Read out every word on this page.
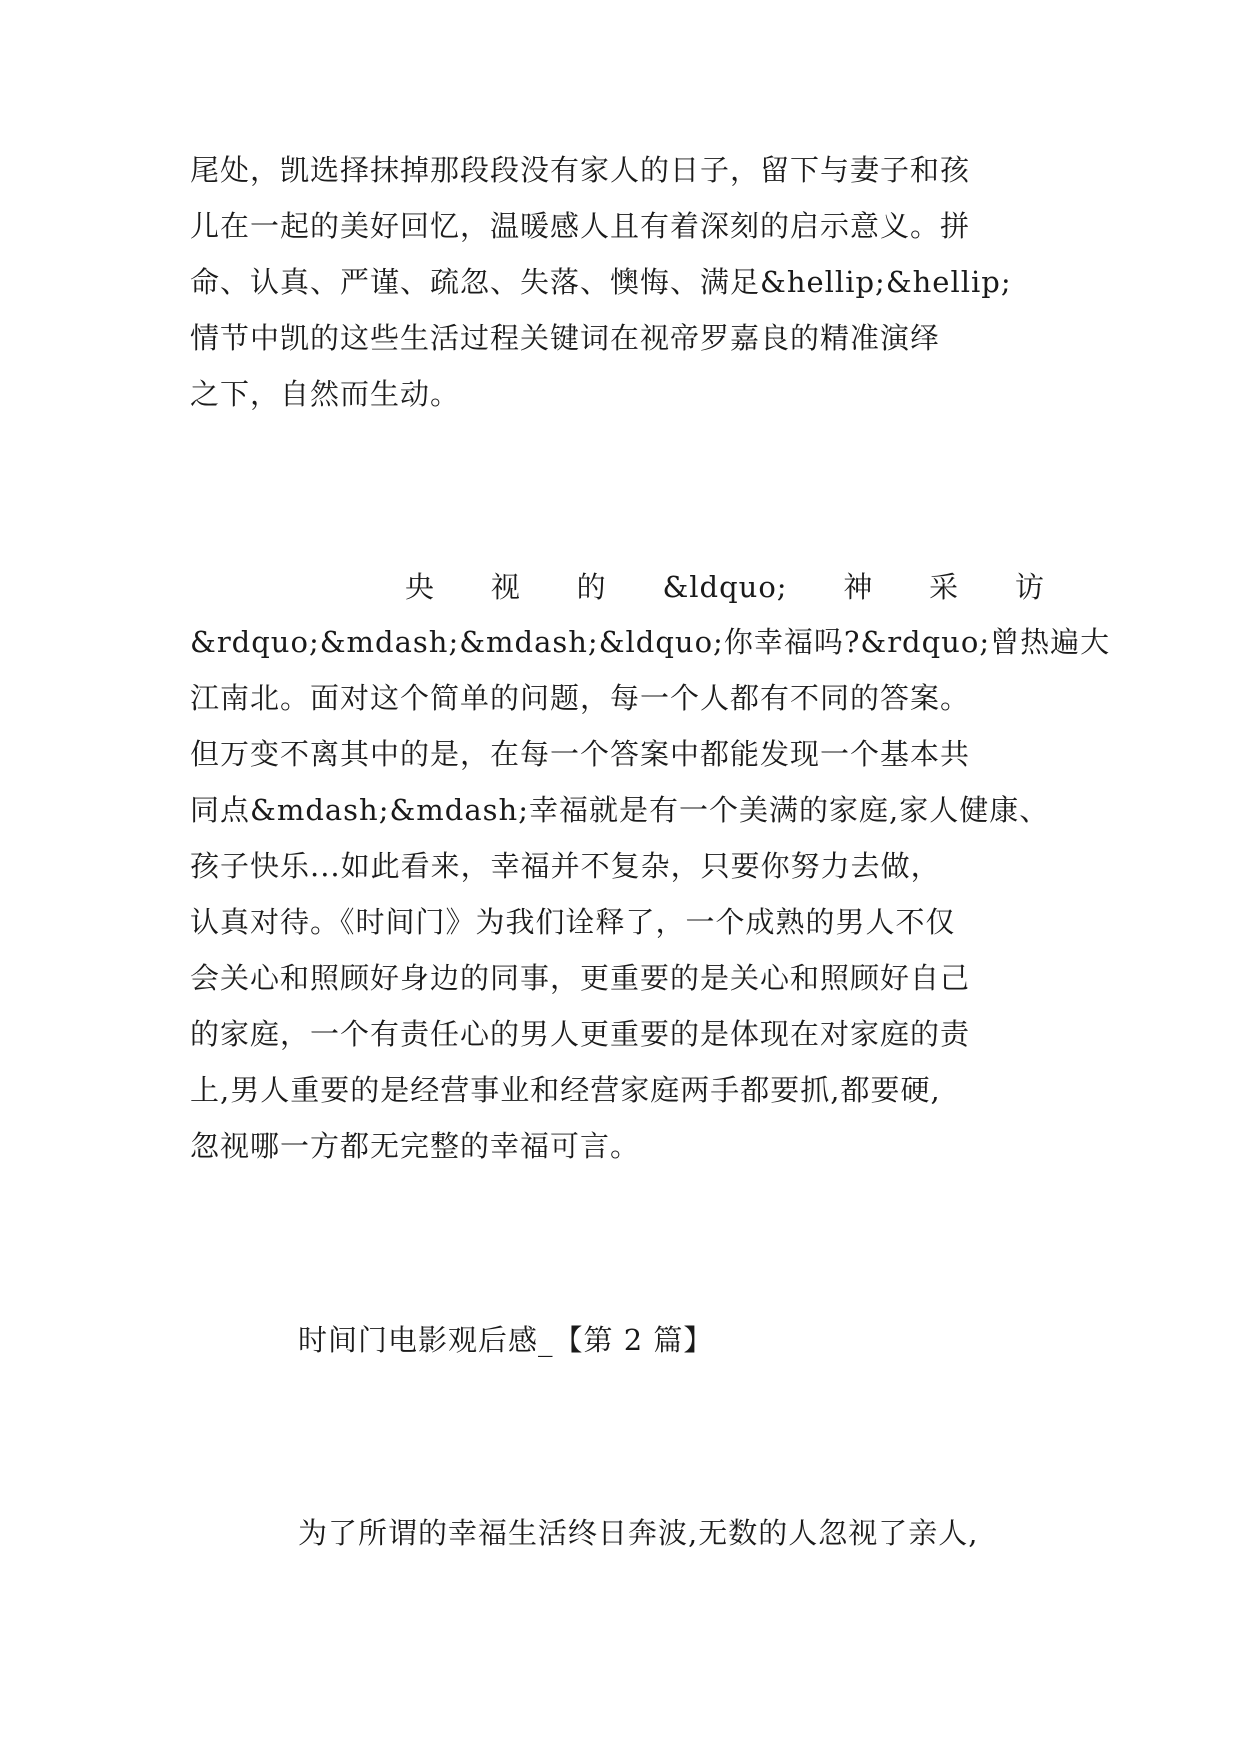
尾处，凯选择抹掉那段段没有家人的日子，留下与妻子和孩
儿在一起的美好回忆，温暖感人且有着深刻的启示意义。拼
命、认真、严谨、疏忽、失落、懊悔、满足&hellip;&hellip;
情节中凯的这些生活过程关键词在视帝罗嘉良的精准演绎
之下，自然而生动。
央 视 的 &ldquo; 神 采 访
&rdquo;&mdash;&mdash;&ldquo;你幸福吗?&rdquo;曾热遍大
江南北。面对这个简单的问题，每一个人都有不同的答案。
但万变不离其中的是，在每一个答案中都能发现一个基本共
同点&mdash;&mdash;幸福就是有一个美满的家庭,家人健康、
孩子快乐...如此看来，幸福并不复杂，只要你努力去做，
认真对待。《时间门》为我们诠释了，一个成熟的男人不仅
会关心和照顾好身边的同事，更重要的是关心和照顾好自己
的家庭，一个有责任心的男人更重要的是体现在对家庭的责
上,男人重要的是经营事业和经营家庭两手都要抓,都要硬,
忽视哪一方都无完整的幸福可言。
时间门电影观后感_【第 2 篇】
为了所谓的幸福生活终日奔波,无数的人忽视了亲人,
